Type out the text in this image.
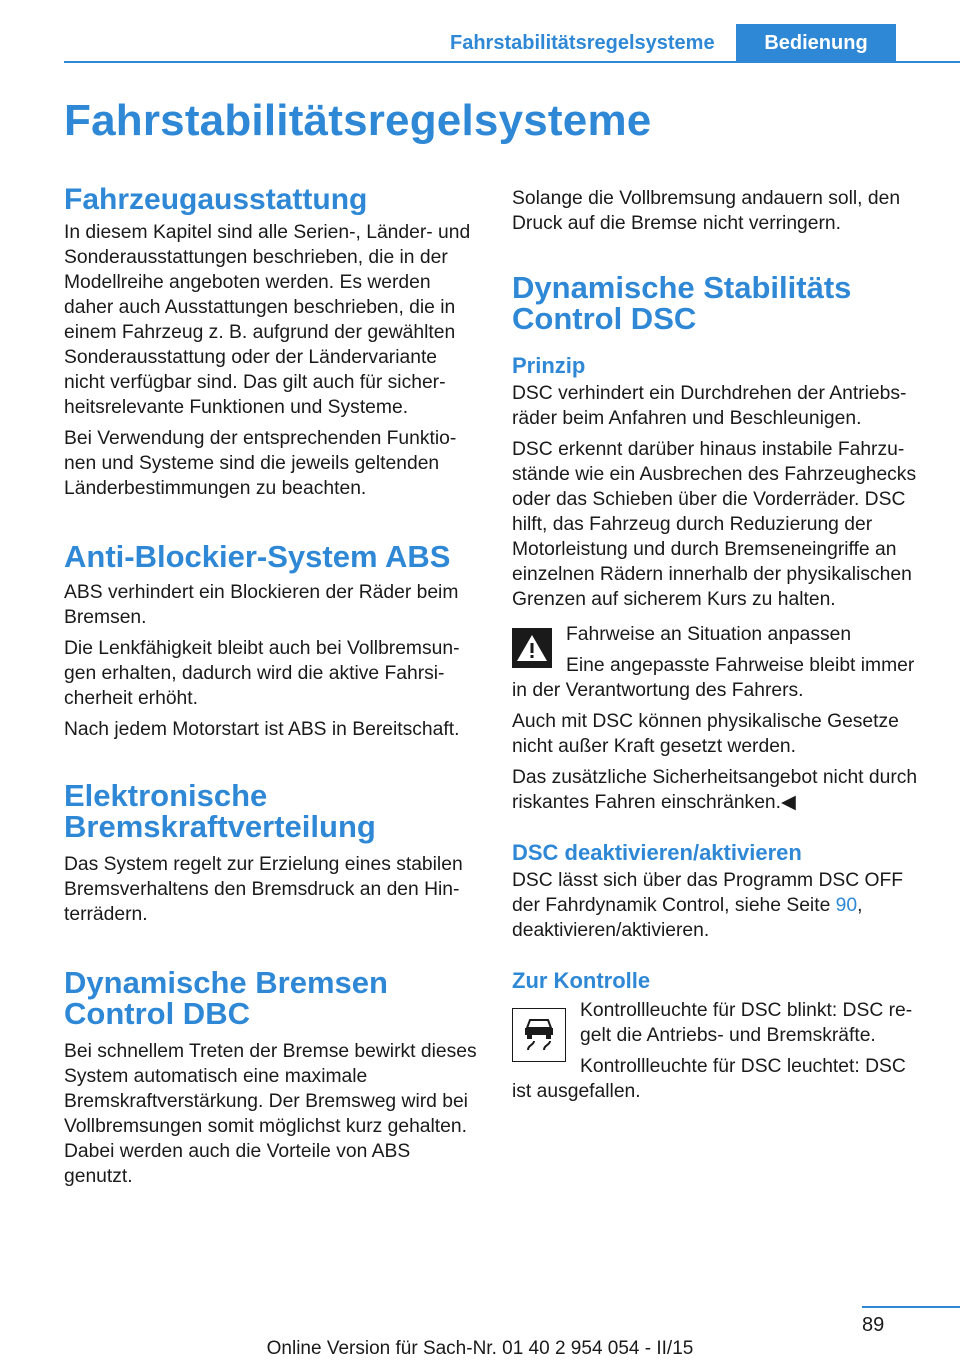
Fahrstabilitätsregelsysteme	Bedienung
Fahrstabilitätsregelsysteme
Fahrzeugausstattung

In diesem Kapitel sind alle Serien-, Länder- und Sonderausstattungen beschrieben, die in der Modellreihe angeboten werden. Es werden daher auch Ausstattungen beschrieben, die in einem Fahrzeug z. B. aufgrund der gewählten Sonderausstattung oder der Ländervariante nicht verfügbar sind. Das gilt auch für sicherheitsrelevante Funktionen und Systeme.

Bei Verwendung der entsprechenden Funktionen und Systeme sind die jeweils geltenden Länderbestimmungen zu beachten.

Anti-Blockier-System ABS

ABS verhindert ein Blockieren der Räder beim Bremsen.

Die Lenkfähigkeit bleibt auch bei Vollbremsungen erhalten, dadurch wird die aktive Fahrsicherheit erhöht.

Nach jedem Motorstart ist ABS in Bereitschaft.

Elektronische
Bremskraftverteilung

Das System regelt zur Erzielung eines stabilen Bremsverhaltens den Bremsdruck an den Hinterrädern.

Dynamische Bremsen
Control DBC

Bei schnellem Treten der Bremse bewirkt dieses System automatisch eine maximale Bremskraftverstärkung. Der Bremsweg wird bei Vollbremsungen somit möglichst kurz gehalten. Dabei werden auch die Vorteile von ABS genutzt.

Solange die Vollbremsung andauern soll, den Druck auf die Bremse nicht verringern.

Dynamische Stabilitäts
Control DSC
Prinzip

DSC verhindert ein Durchdrehen der Antriebsräder beim Anfahren und Beschleunigen.

DSC erkennt darüber hinaus instabile Fahrzustände wie ein Ausbrechen des Fahrzeughecks oder das Schieben über die Vorderräder. DSC hilft, das Fahrzeug durch Reduzierung der Motorleistung und durch Bremseneingriffe an einzelnen Rädern innerhalb der physikalischen Grenzen auf sicherem Kurs zu halten.

Fahrweise an Situation anpassen

Eine angepasste Fahrweise bleibt immer in der Verantwortung des Fahrers.

Auch mit DSC können physikalische Gesetze nicht außer Kraft gesetzt werden.

Das zusätzliche Sicherheitsangebot nicht durch riskantes Fahren einschränken.◀

DSC deaktivieren/aktivieren

DSC lässt sich über das Programm DSC OFF der Fahrdynamik Control, siehe Seite 90, deaktivieren/aktivieren.

Zur Kontrolle

Kontrollleuchte für DSC blinkt: DSC regelt die Antriebs- und Bremskräfte.

Kontrollleuchte für DSC leuchtet: DSC ist ausgefallen.

89
Online Version für Sach-Nr. 01 40 2 954 054 - II/15
